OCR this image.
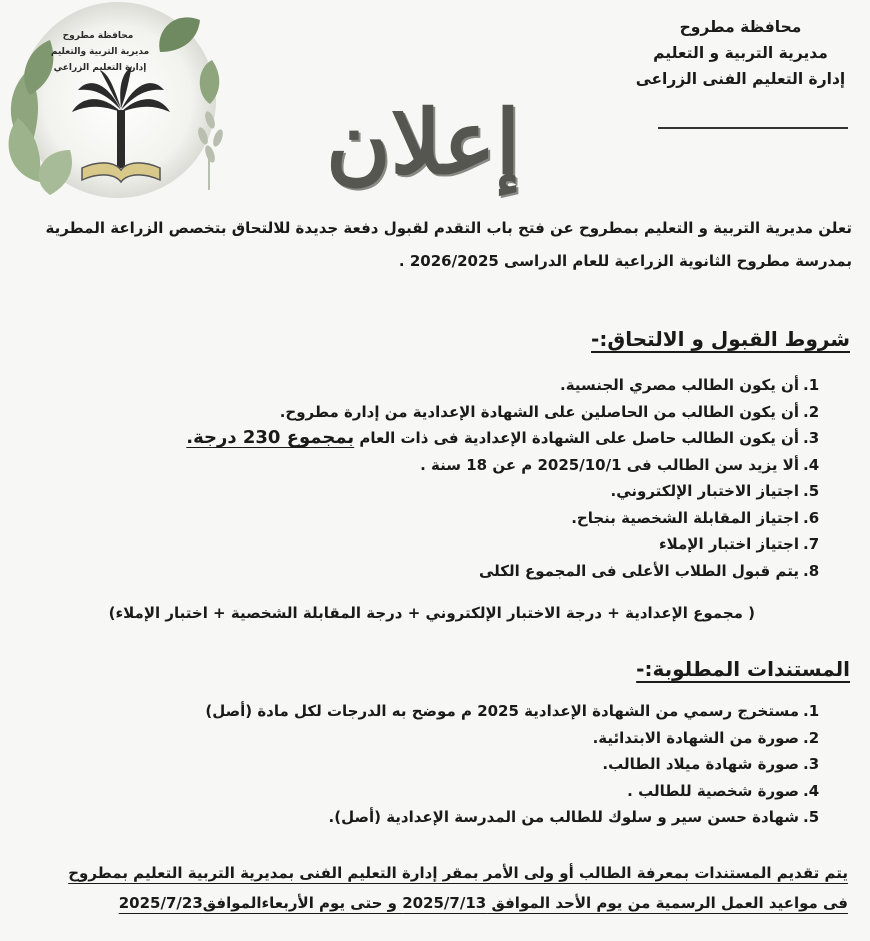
محافظة مطروح
مديرية التربية والتعليم
إدارة التعليم الزراعي
محافظة مطروح
مديرية التربية و التعليم
إدارة التعليم الفنى الزراعى
إعلان
تعلن مديرية التربية و التعليم بمطروح عن فتح باب التقدم لقبول دفعة جديدة للالتحاق بتخصص الزراعة المطرية
بمدرسة مطروح الثانوية الزراعية للعام الدراسى 2026/2025 .
شروط القبول و الالتحاق:-
1 .
أن يكون الطالب مصري الجنسية.
2 .
أن يكون الطالب من الحاصلين على الشهادة الإعدادية من إدارة مطروح.
3 .
أن يكون الطالب حاصل على الشهادة الإعدادية فى ذات العام بمجموع 230 درجة.
4 .
ألا يزيد سن الطالب فى 2025/10/1 م عن 18 سنة .
5 .
اجتياز الاختبار الإلكتروني.
6 .
اجتياز المقابلة الشخصية بنجاح.
7 .
اجتياز اختبار الإملاء
8 .
يتم قبول الطلاب الأعلى فى المجموع الكلى
( مجموع الإعدادية + درجة الاختبار الإلكتروني + درجة المقابلة الشخصية + اختبار الإملاء)
المستندات المطلوبة:-
1 .
مستخرج رسمي من الشهادة الإعدادية 2025 م موضح به الدرجات لكل مادة (أصل)
2 .
صورة من الشهادة الابتدائية.
3 .
صورة شهادة ميلاد الطالب.
4 .
صورة شخصية للطالب .
5 .
شهادة حسن سير و سلوك للطالب من المدرسة الإعدادية (أصل).
يتم تقديم المستندات بمعرفة الطالب أو ولى الأمر بمقر إدارة التعليم الفنى بمديرية التربية التعليم بمطروح
فى مواعيد العمل الرسمية من يوم الأحد الموافق 2025/7/13 و حتى يوم الأربعاءالموافق2025/7/23
